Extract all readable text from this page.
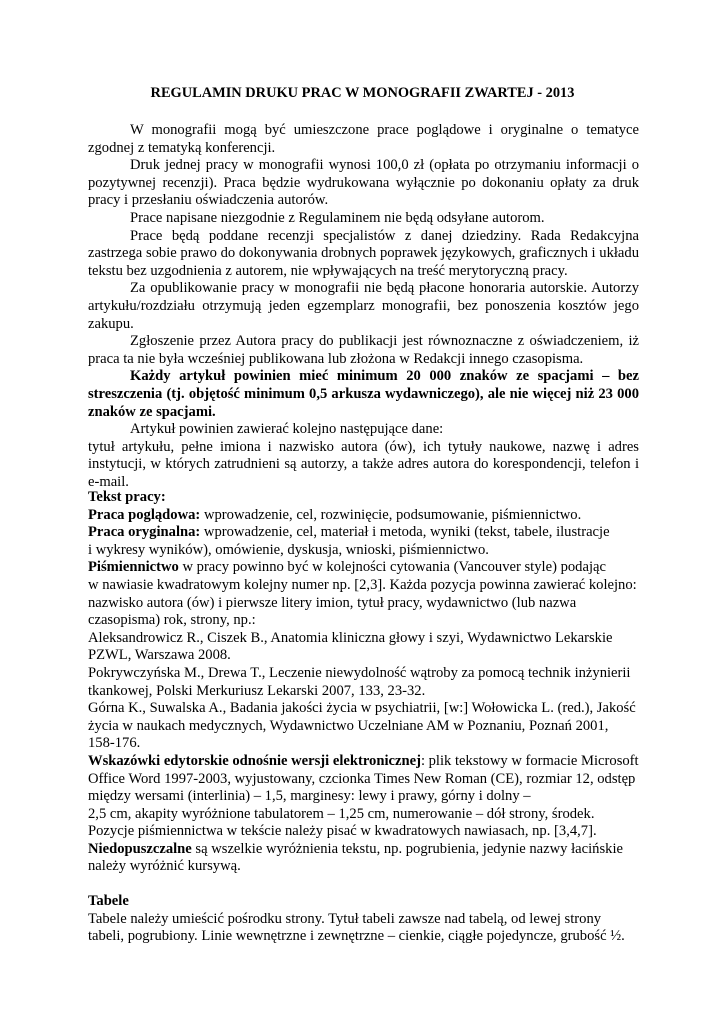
REGULAMIN DRUKU PRAC W MONOGRAFII ZWARTEJ - 2013

W monografii mogą być umieszczone prace poglądowe i oryginalne o tematyce zgodnej z tematyką konferencji.

Druk jednej pracy w monografii wynosi 100,0 zł (opłata po otrzymaniu informacji o pozytywnej recenzji). Praca będzie wydrukowana wyłącznie po dokonaniu opłaty za druk pracy i przesłaniu oświadczenia autorów.

Prace napisane niezgodnie z Regulaminem nie będą odsyłane autorom.

Prace będą poddane recenzji specjalistów z danej dziedziny. Rada Redakcyjna zastrzega sobie prawo do dokonywania drobnych poprawek językowych, graficznych i układu tekstu bez uzgodnienia z autorem, nie wpływających na treść merytoryczną pracy.

Za opublikowanie pracy w monografii nie będą płacone honoraria autorskie. Autorzy artykułu/rozdziału otrzymują jeden egzemplarz monografii, bez ponoszenia kosztów jego zakupu.

Zgłoszenie przez Autora pracy do publikacji jest równoznaczne z oświadczeniem, iż praca ta nie była wcześniej publikowana lub złożona w Redakcji innego czasopisma.

Każdy artykuł powinien mieć minimum 20 000 znaków ze spacjami – bez streszczenia (tj. objętość minimum 0,5 arkusza wydawniczego), ale nie więcej niż 23 000 znaków ze spacjami.

Artykuł powinien zawierać kolejno następujące dane:

tytuł artykułu, pełne imiona i nazwisko autora (ów), ich tytuły naukowe, nazwę i adres instytucji, w których zatrudnieni są autorzy, a także adres autora do korespondencji, telefon i e-mail.

Tekst pracy:
Praca poglądowa: wprowadzenie, cel, rozwinięcie, podsumowanie, piśmiennictwo.
Praca oryginalna: wprowadzenie, cel, materiał i metoda, wyniki (tekst, tabele, ilustracje
i wykresy wyników), omówienie, dyskusja, wnioski, piśmiennictwo.
Piśmiennictwo w pracy powinno być w kolejności cytowania (Vancouver style) podając
w nawiasie kwadratowym kolejny numer np. [2,3]. Każda pozycja powinna zawierać kolejno:
nazwisko autora (ów) i pierwsze litery imion, tytuł pracy, wydawnictwo (lub nazwa
czasopisma) rok, strony, np.:
Aleksandrowicz R., Ciszek B., Anatomia kliniczna głowy i szyi, Wydawnictwo Lekarskie
PZWL, Warszawa 2008.
Pokrywczyńska M., Drewa T., Leczenie niewydolność wątroby za pomocą technik inżynierii
tkankowej, Polski Merkuriusz Lekarski 2007, 133, 23-32.
Górna K., Suwalska A., Badania jakości życia w psychiatrii, [w:] Wołowicka L. (red.), Jakość
życia w naukach medycznych, Wydawnictwo Uczelniane AM w Poznaniu, Poznań 2001,
158-176.
Wskazówki edytorskie odnośnie wersji elektronicznej: plik tekstowy w formacie Microsoft
Office Word 1997-2003, wyjustowany, czcionka Times New Roman (CE), rozmiar 12, odstęp
między wersami (interlinia) – 1,5, marginesy: lewy i prawy, górny i dolny –
2,5 cm, akapity wyróżnione tabulatorem – 1,25 cm, numerowanie – dół strony, środek.
Pozycje piśmiennictwa w tekście należy pisać w kwadratowych nawiasach, np. [3,4,7].
Niedopuszczalne są wszelkie wyróżnienia tekstu, np. pogrubienia, jedynie nazwy łacińskie
należy wyróżnić kursywą.
Tabele
Tabele należy umieścić pośrodku strony. Tytuł tabeli zawsze nad tabelą, od lewej strony
tabeli, pogrubiony. Linie wewnętrzne i zewnętrzne – cienkie, ciągłe pojedyncze, grubość ½.
